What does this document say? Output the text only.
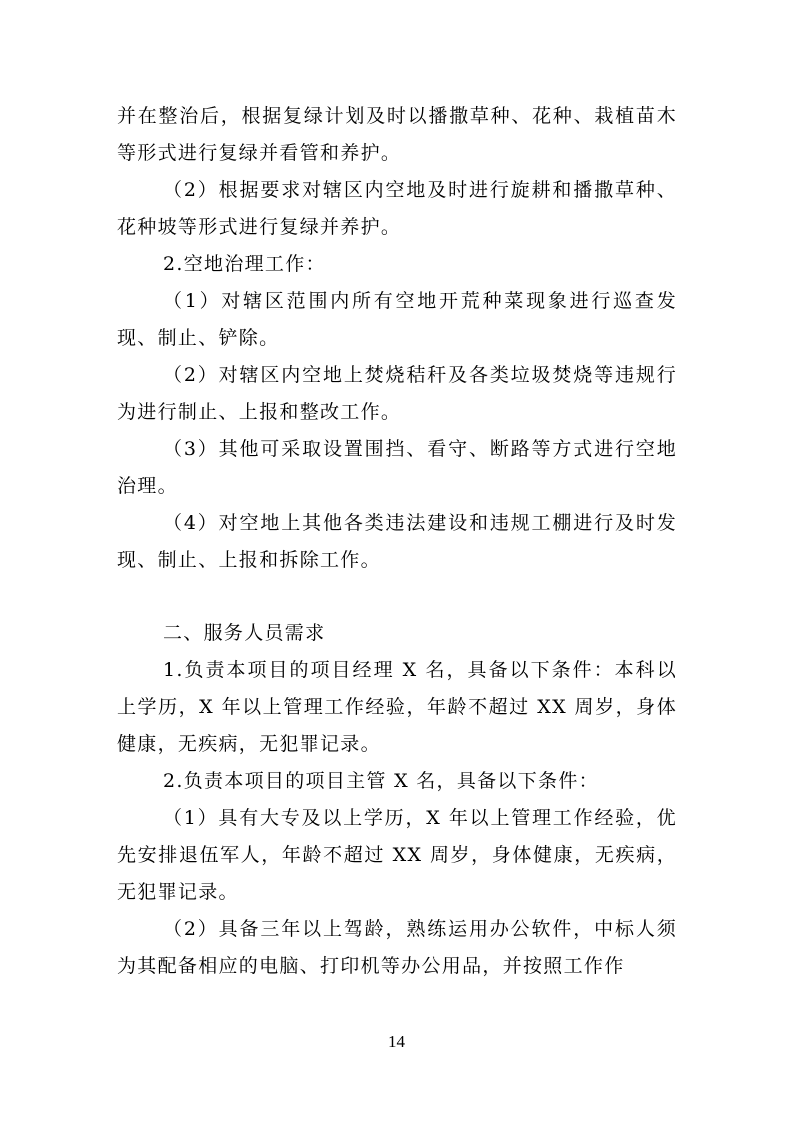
并在整治后，根据复绿计划及时以播撒草种、花种、栽植苗木等形式进行复绿并看管和养护。

（2）根据要求对辖区内空地及时进行旋耕和播撒草种、花种坡等形式进行复绿并养护。

2.空地治理工作：

（1）对辖区范围内所有空地开荒种菜现象进行巡查发现、制止、铲除。

（2）对辖区内空地上焚烧秸秆及各类垃圾焚烧等违规行为进行制止、上报和整改工作。

（3）其他可采取设置围挡、看守、断路等方式进行空地治理。

（4）对空地上其他各类违法建设和违规工棚进行及时发现、制止、上报和拆除工作。

二、服务人员需求

1.负责本项目的项目经理 X 名，具备以下条件：本科以上学历，X 年以上管理工作经验，年龄不超过 XX 周岁，身体健康，无疾病，无犯罪记录。

2.负责本项目的项目主管 X 名，具备以下条件：

（1）具有大专及以上学历，X 年以上管理工作经验，优先安排退伍军人，年龄不超过 XX 周岁，身体健康，无疾病，无犯罪记录。

（2）具备三年以上驾龄，熟练运用办公软件，中标人须为其配备相应的电脑、打印机等办公用品，并按照工作作

14
